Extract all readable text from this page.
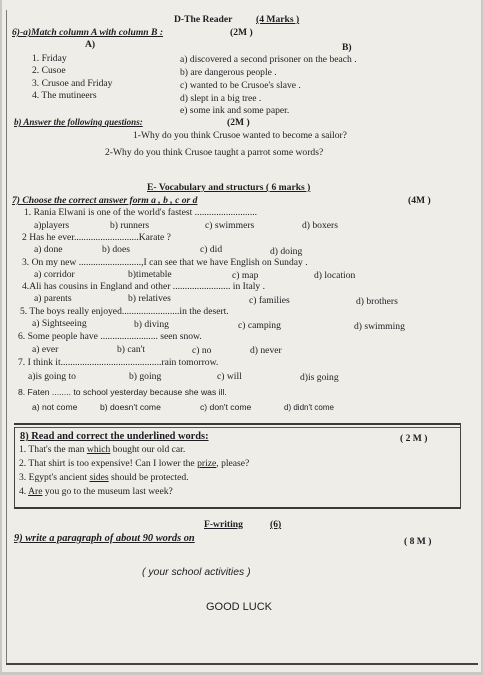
D-The Reader (4 Marks )
6)-a)Match column A with column B :	(2M )
A)	B)
1. Friday
2. Cusoe
3. Crusoe and Friday
4. The mutineers
a) discovered a second prisoner on the beach .
b) are dangerous people .
c) wanted to be Crusoe's slave .
d) slept in a big tree .
e) some ink and some paper.
b) Answer the following questions:	(2M )
1-Why do you think Crusoe wanted to become a sailor?
2-Why do you think Crusoe taught a parrot some words?
E- Vocabulary and structurs ( 6 marks )
7) Choose the correct answer form a , b , c or d	(4M )
1. Rania Elwani is one of the world's fastest ..........................
a)players	b) runners	c) swimmers	d) boxers
2 Has he ever...........................Karate ?
a) done	b) does	c) did	d) doing
3. On my new ..........................,I can see that we have English on Sunday .
a) corridor	b)timetable	c) map	d) location
4.Ali has cousins in England and other ........................ in Italy .
a) parents	b) relatives	c) families	d) brothers
5. The boys really enjoyed........................in the desert.
a) Sightseeing	b) diving	c) camping	d) swimming
6. Some people have ........................ seen snow.
a) ever	b) can't	c) no	d) never
7. I think it..........................................rain tomorrow.
a)is going to	b) going	c) will	d)is going
8. Faten ........ to school yesterday because she was ill.
a) not come	b) doesn't come	c) don't come	d) didn't come
8) Read and correct the underlined words:	( 2 M )
1. That's the man which bought our old car.
2. That shirt is too expensive! Can I lower the prize, please?
3. Egypt's ancient sides should be protected.
4. Are you go to the museum last week?
F-writing	(6)
9) write a paragraph of about 90 words on	( 8 M )
( your school activities )
GOOD LUCK
